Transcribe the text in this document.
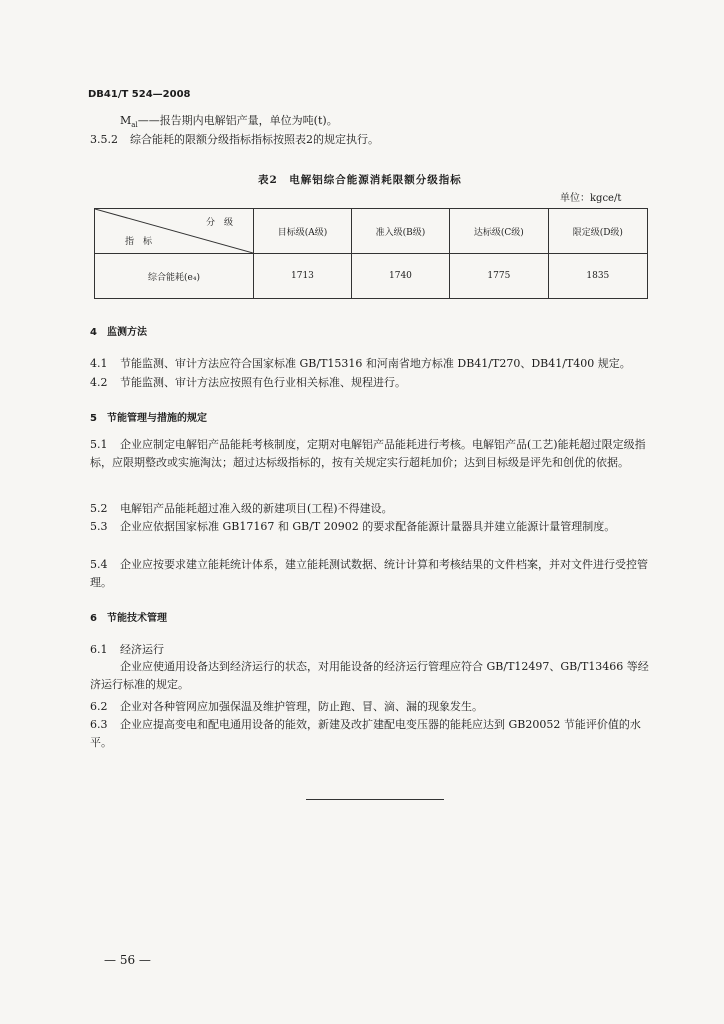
DB41/T 524—2008
$M_{al}——$报告期内电解铝产量，单位为吨(t)。
3.5.2 综合能耗的限额分级指标指标按照表2的规定执行。
表2　电解铝综合能源消耗限额分级指标
单位：kgce/t
分　级
指　标	目标级(A级)	准入级(B级)	达标级(C级)	限定级(D级)
综合能耗(e₄)	1713	1740	1775	1835
4　监测方法
4.1 节能监测、审计方法应符合国家标准 GB/T15316 和河南省地方标准 DB41/T270、DB41/T400 规定。
4.2 节能监测、审计方法应按照有色行业相关标准、规程进行。
5　节能管理与措施的规定
5.1 企业应制定电解铝产品能耗考核制度，定期对电解铝产品能耗进行考核。电解铝产品(工艺)能耗超过限定级指标，应限期整改或实施淘汰；超过达标级指标的，按有关规定实行超耗加价；达到目标级是评先和创优的依据。
5.2 电解铝产品能耗超过准入级的新建项目(工程)不得建设。
5.3 企业应依据国家标准 GB17167 和 GB/T 20902 的要求配备能源计量器具并建立能源计量管理制度。
5.4 企业应按要求建立能耗统计体系，建立能耗测试数据、统计计算和考核结果的文件档案，并对文件进行受控管理。
6　节能技术管理
6.1 经济运行
企业应使通用设备达到经济运行的状态，对用能设备的经济运行管理应符合 GB/T12497、GB/T13466 等经济运行标准的规定。
6.2 企业对各种管网应加强保温及维护管理，防止跑、冒、滴、漏的现象发生。
6.3 企业应提高变电和配电通用设备的能效，新建及改扩建配电变压器的能耗应达到 GB20052 节能评价值的水平。
— 56 —
